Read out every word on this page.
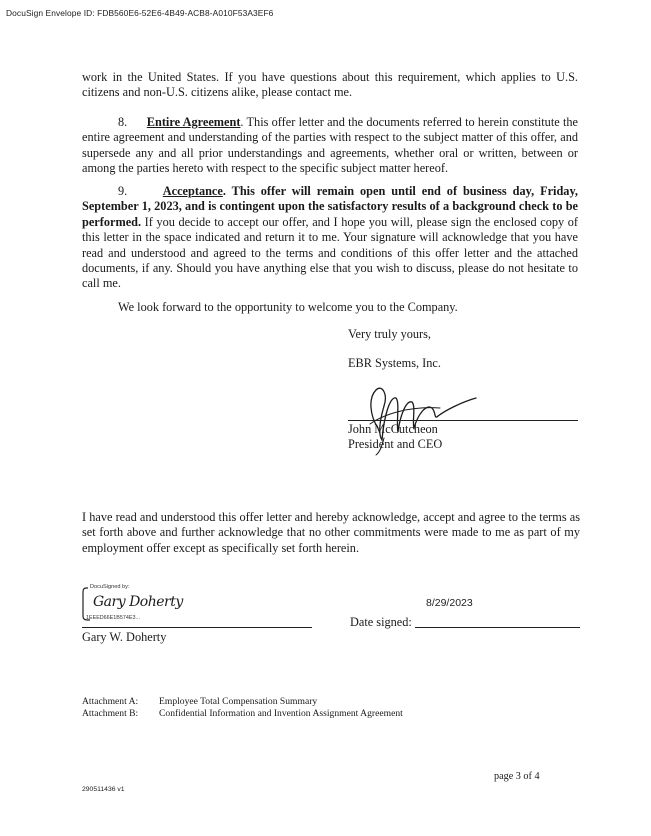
DocuSign Envelope ID: FDB560E6-52E6-4B49-ACB8-A010F53A3EF6
work in the United States. If you have questions about this requirement, which applies to U.S. citizens and non-U.S. citizens alike, please contact me.
8. Entire Agreement. This offer letter and the documents referred to herein constitute the entire agreement and understanding of the parties with respect to the subject matter of this offer, and supersede any and all prior understandings and agreements, whether oral or written, between or among the parties hereto with respect to the specific subject matter hereof.
9.	Acceptance. This offer will remain open until end of business day, Friday, September 1, 2023, and is contingent upon the satisfactory results of a background check to be performed. If you decide to accept our offer, and I hope you will, please sign the enclosed copy of this letter in the space indicated and return it to me. Your signature will acknowledge that you have read and understood and agreed to the terms and conditions of this offer letter and the attached documents, if any. Should you have anything else that you wish to discuss, please do not hesitate to call me.
We look forward to the opportunity to welcome you to the Company.
Very truly yours,
EBR Systems, Inc.
John McCutcheon
President and CEO
I have read and understood this offer letter and hereby acknowledge, accept and agree to the terms as set forth above and further acknowledge that no other commitments were made to me as part of my employment offer except as specifically set forth herein.
DocuSigned by:
Gary Doherty
1EEED66E1B574E3...
Gary W. Doherty
8/29/2023
Date signed:
Attachment A: Employee Total Compensation Summary
Attachment B: Confidential Information and Invention Assignment Agreement
page 3 of 4
290511436 v1
